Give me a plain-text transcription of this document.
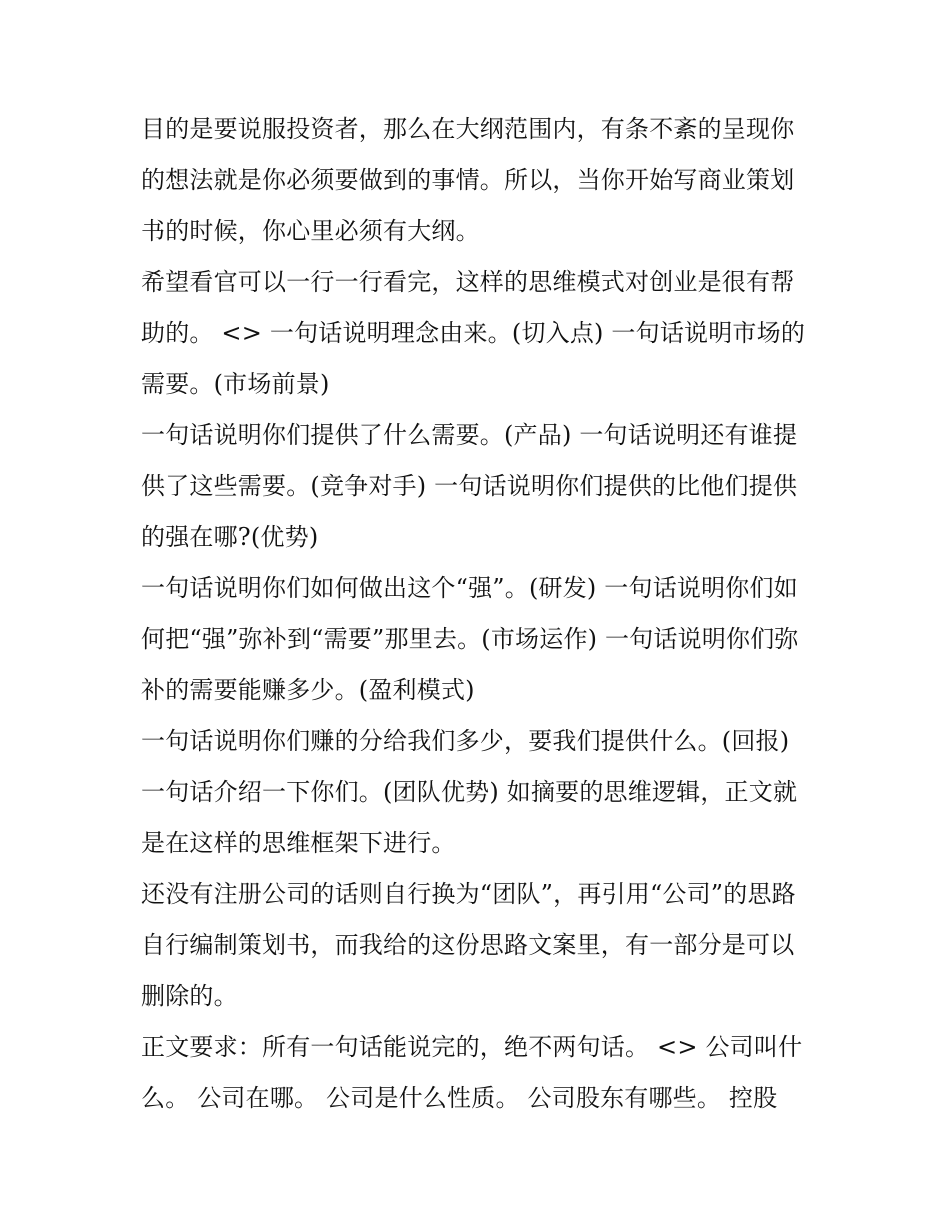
目的是要说服投资者，那么在大纲范围内，有条不紊的呈现你
的想法就是你必须要做到的事情。所以，当你开始写商业策划
书的时候，你心里必须有大纲。

希望看官可以一行一行看完，这样的思维模式对创业是很有帮
助的。 <> 一句话说明理念由来。(切入点) 一句话说明市场的
需要。(市场前景)

一句话说明你们提供了什么需要。(产品) 一句话说明还有谁提
供了这些需要。(竞争对手) 一句话说明你们提供的比他们提供
的强在哪?(优势)

一句话说明你们如何做出这个“强”。(研发) 一句话说明你们如
何把“强”弥补到“需要”那里去。(市场运作) 一句话说明你们弥
补的需要能赚多少。(盈利模式)

一句话说明你们赚的分给我们多少，要我们提供什么。(回报)
一句话介绍一下你们。(团队优势) 如摘要的思维逻辑，正文就
是在这样的思维框架下进行。

还没有注册公司的话则自行换为“团队”，再引用“公司”的思路
自行编制策划书，而我给的这份思路文案里，有一部分是可以
删除的。

正文要求：所有一句话能说完的，绝不两句话。 <> 公司叫什
么。 公司在哪。 公司是什么性质。 公司股东有哪些。 控股
